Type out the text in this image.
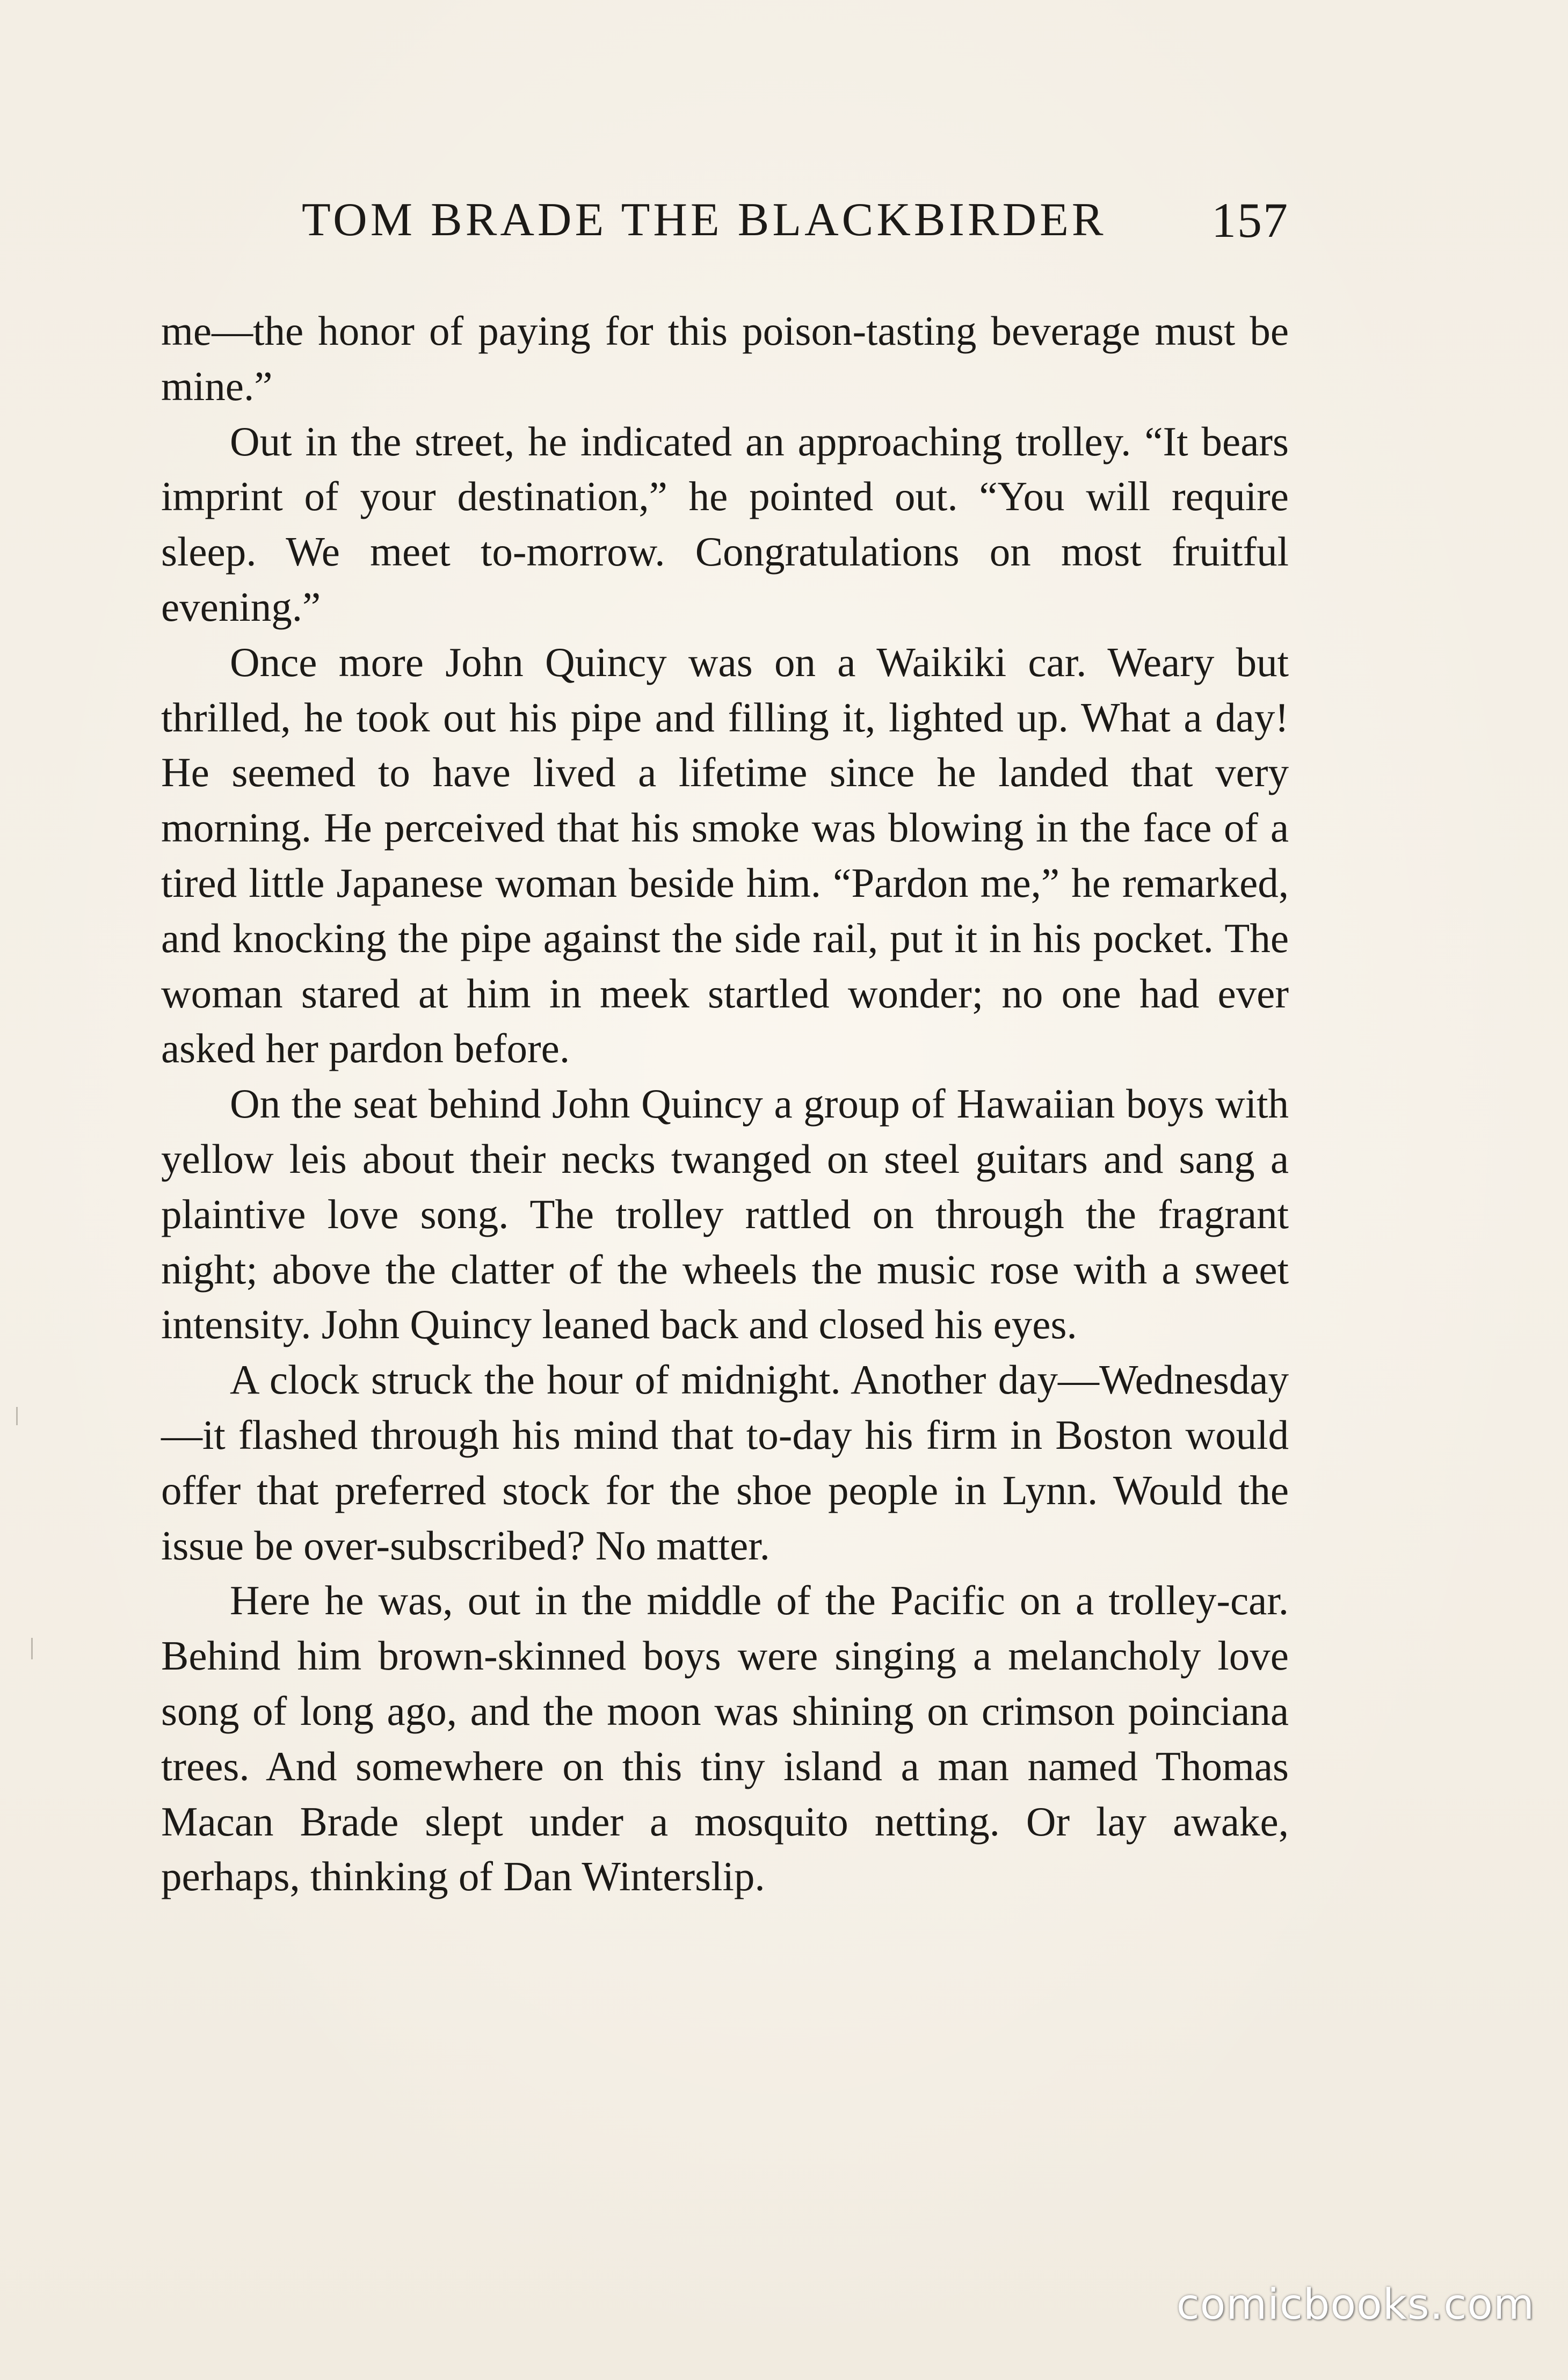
TOM BRADE THE BLACKBIRDER 157

me—the honor of paying for this poison-tasting beverage must be mine.”

Out in the street, he indicated an approaching trolley. “It bears imprint of your destination,” he pointed out. “You will require sleep. We meet to-morrow. Congratulations on most fruitful evening.”

Once more John Quincy was on a Waikiki car. Weary but thrilled, he took out his pipe and filling it, lighted up. What a day! He seemed to have lived a lifetime since he landed that very morning. He perceived that his smoke was blowing in the face of a tired little Japanese woman beside him. “Pardon me,” he remarked, and knocking the pipe against the side rail, put it in his pocket. The woman stared at him in meek startled wonder; no one had ever asked her pardon before.

On the seat behind John Quincy a group of Hawaiian boys with yellow leis about their necks twanged on steel guitars and sang a plaintive love song. The trolley rattled on through the fragrant night; above the clatter of the wheels the music rose with a sweet intensity. John Quincy leaned back and closed his eyes.

A clock struck the hour of midnight. Another day—Wednesday—it flashed through his mind that to-day his firm in Boston would offer that preferred stock for the shoe people in Lynn. Would the issue be over-subscribed? No matter.

Here he was, out in the middle of the Pacific on a trolley-car. Behind him brown-skinned boys were singing a melancholy love song of long ago, and the moon was shining on crimson poinciana trees. And somewhere on this tiny island a man named Thomas Macan Brade slept under a mosquito netting. Or lay awake, perhaps, thinking of Dan Winterslip.

comicbooks.com
